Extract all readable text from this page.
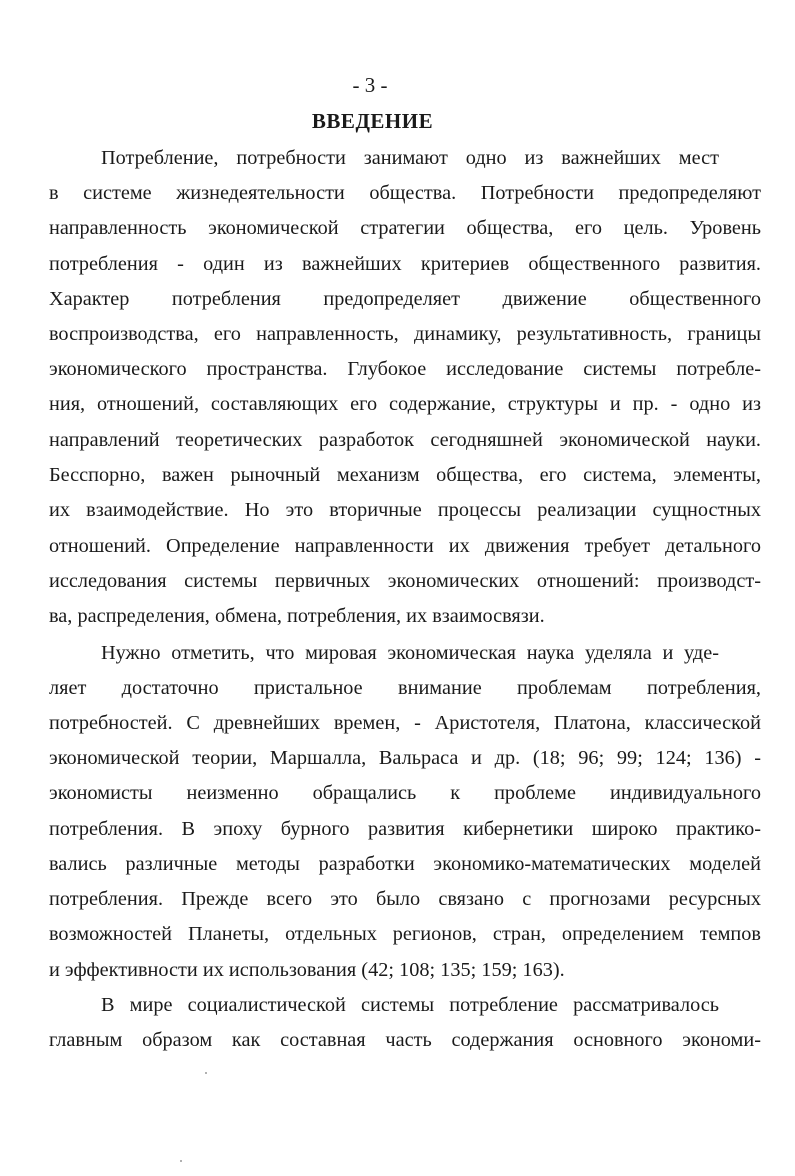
- 3 -
ВВЕДЕНИЕ
Потребление, потребности занимают одно из важнейших мест
в системе жизнедеятельности общества. Потребности предопределяют
направленность экономической стратегии общества, его цель. Уровень
потребления - один из важнейших критериев общественного развития.
Характер потребления предопределяет движение общественного
воспроизводства, его направленность, динамику, результативность, границы
экономического пространства. Глубокое исследование системы потребле-
ния, отношений, составляющих его содержание, структуры и пр. - одно из
направлений теоретических разработок сегодняшней экономической науки.
Бесспорно, важен рыночный механизм общества, его система, элементы,
их взаимодействие. Но это вторичные процессы реализации сущностных
отношений. Определение направленности их движения требует детального
исследования системы первичных экономических отношений: производст-
ва, распределения, обмена, потребления, их взаимосвязи.
Нужно отметить, что мировая экономическая наука уделяла и уде-
ляет достаточно пристальное внимание проблемам потребления,
потребностей. С древнейших времен, - Аристотеля, Платона, классической
экономической теории, Маршалла, Вальраса и др. (18; 96; 99; 124; 136) -
экономисты неизменно обращались к проблеме индивидуального
потребления. В эпоху бурного развития кибернетики широко практико-
вались различные методы разработки экономико-математических моделей
потребления. Прежде всего это было связано с прогнозами ресурсных
возможностей Планеты, отдельных регионов, стран, определением темпов
и эффективности их использования (42; 108; 135; 159; 163).
В мире социалистической системы потребление рассматривалось
главным образом как составная часть содержания основного экономи-
